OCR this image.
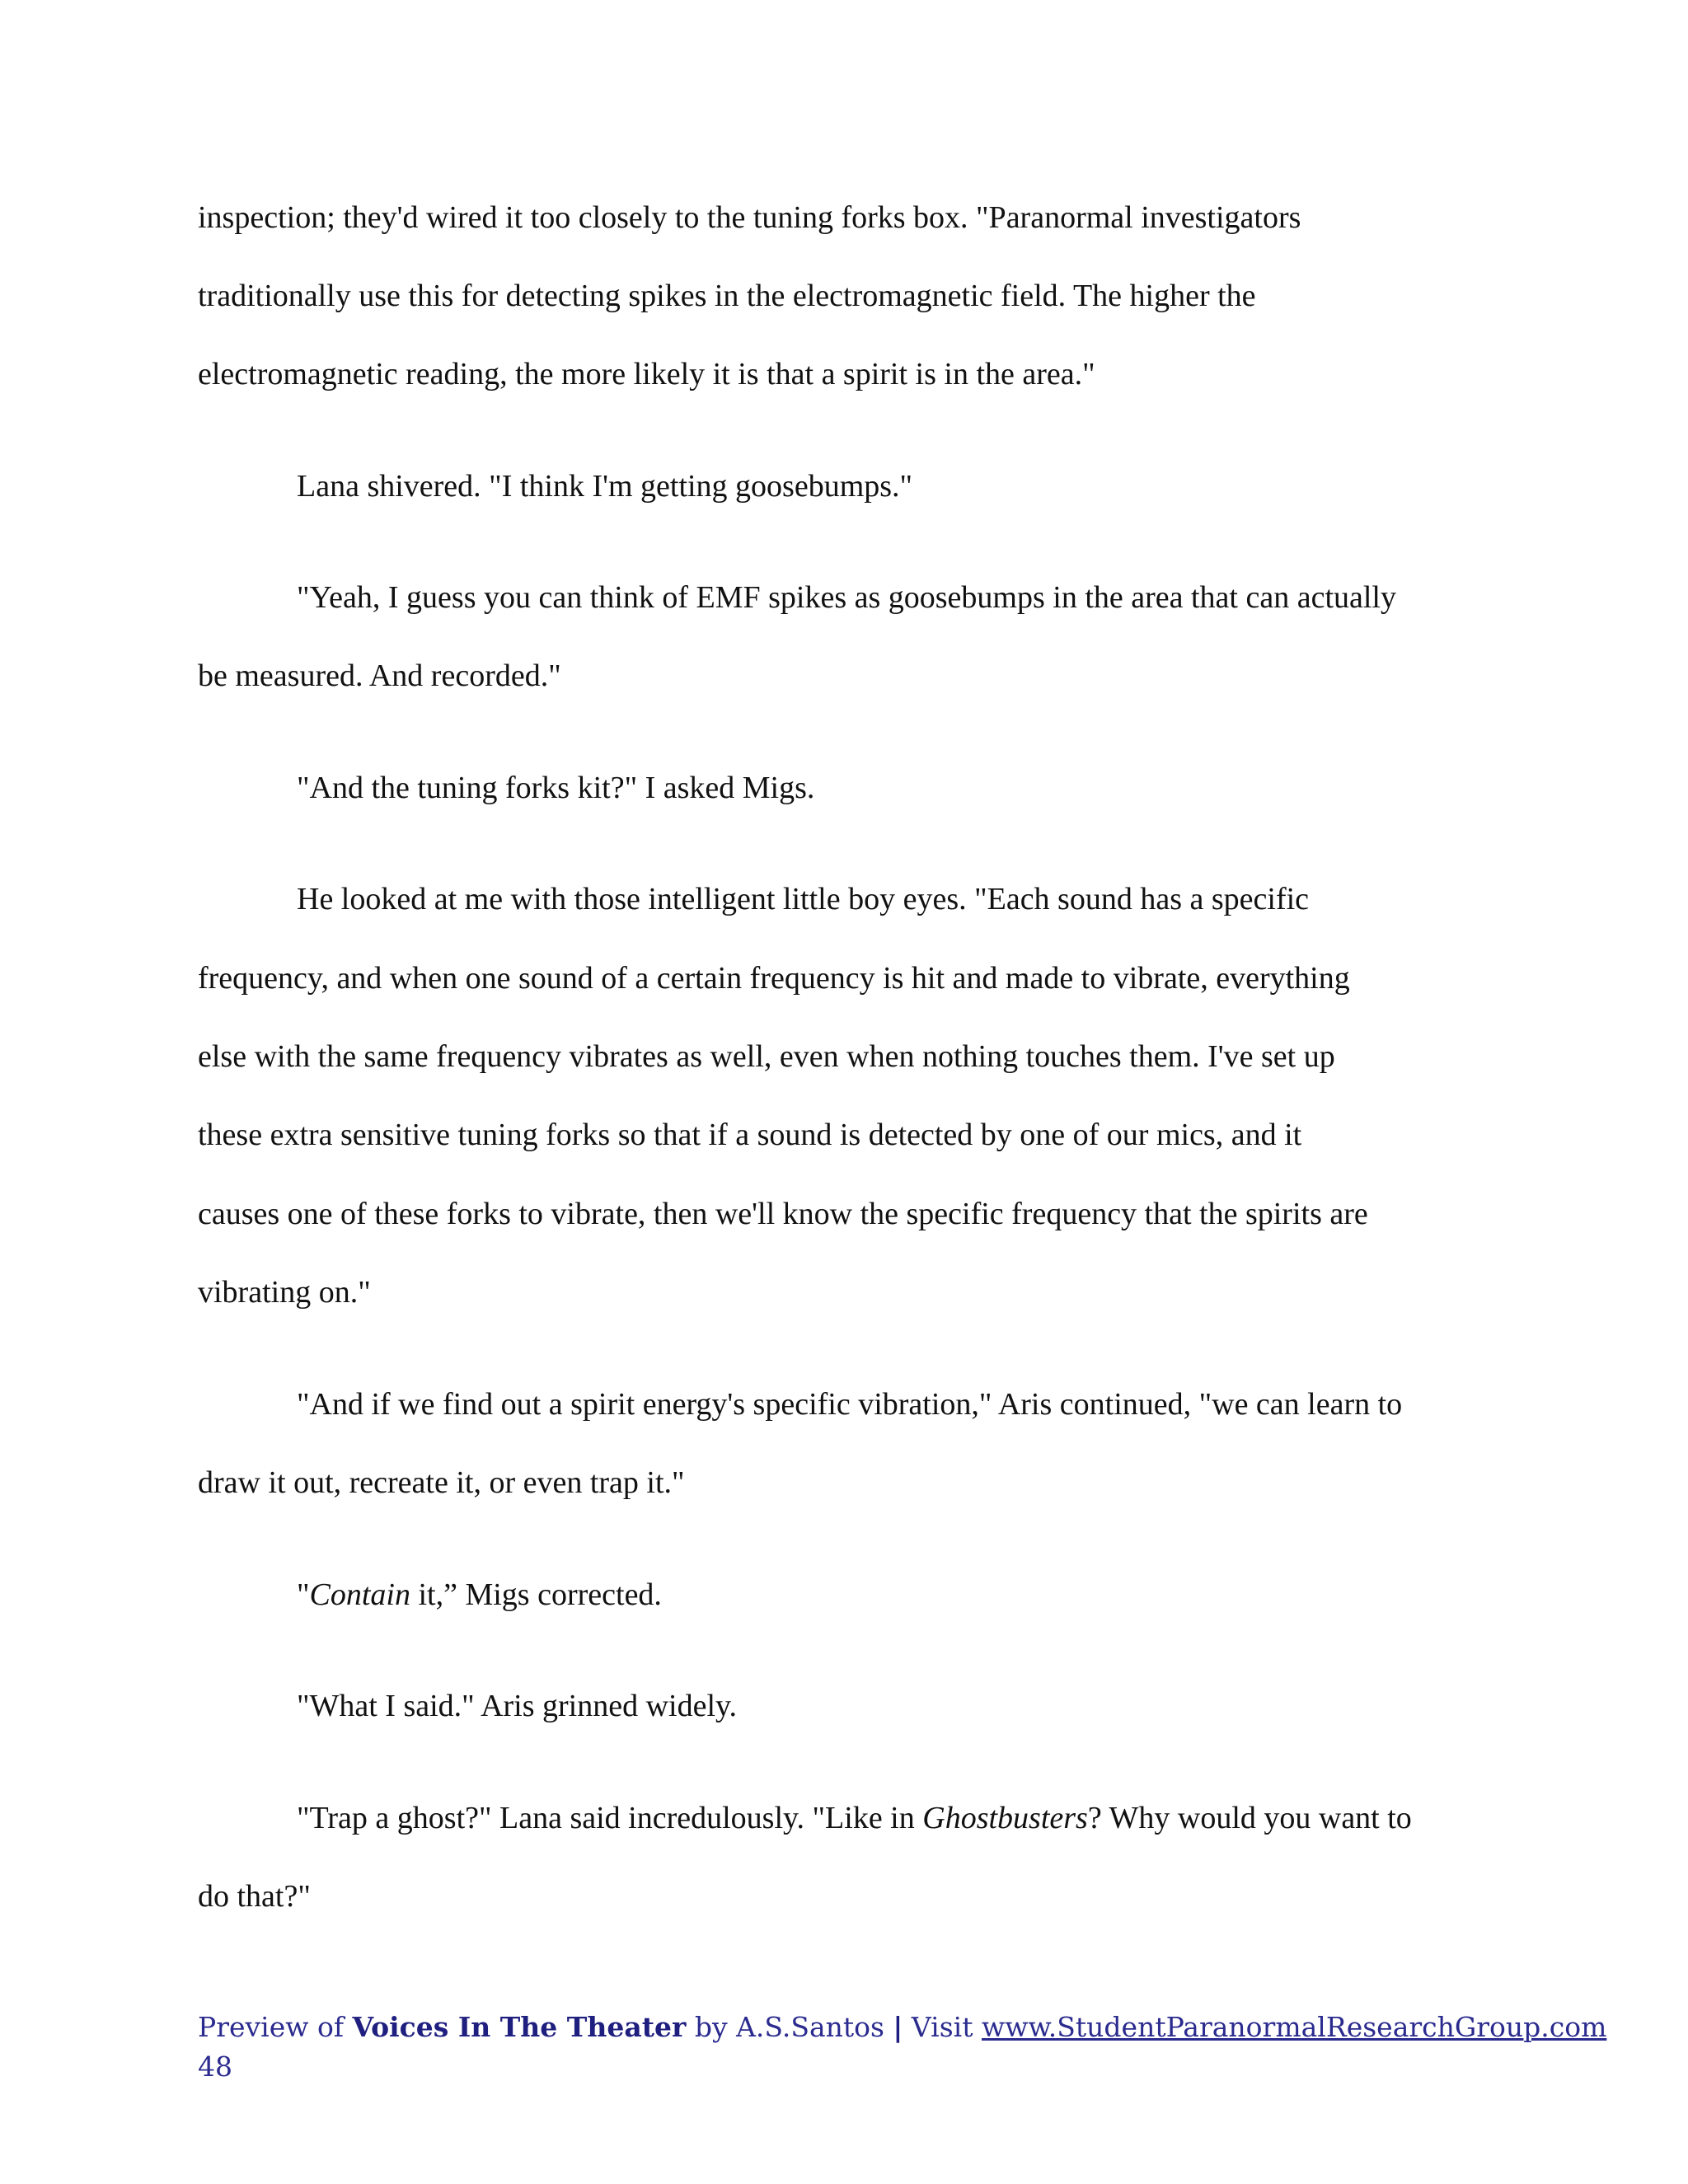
inspection; they'd wired it too closely to the tuning forks box. "Paranormal investigators
traditionally use this for detecting spikes in the electromagnetic field. The higher the
electromagnetic reading, the more likely it is that a spirit is in the area."
Lana shivered. "I think I'm getting goosebumps."
"Yeah, I guess you can think of EMF spikes as goosebumps in the area that can actually
be measured. And recorded."
"And the tuning forks kit?" I asked Migs.
He looked at me with those intelligent little boy eyes. "Each sound has a specific
frequency, and when one sound of a certain frequency is hit and made to vibrate, everything
else with the same frequency vibrates as well, even when nothing touches them. I've set up
these extra sensitive tuning forks so that if a sound is detected by one of our mics, and it
causes one of these forks to vibrate, then we'll know the specific frequency that the spirits are
vibrating on."
"And if we find out a spirit energy's specific vibration," Aris continued, "we can learn to
draw it out, recreate it, or even trap it."
"Contain it,” Migs corrected.
"What I said." Aris grinned widely.
"Trap a ghost?" Lana said incredulously. "Like in Ghostbusters? Why would you want to
do that?"
Preview of Voices In The Theater by A.S.Santos | Visit www.StudentParanormalResearchGroup.com
48
